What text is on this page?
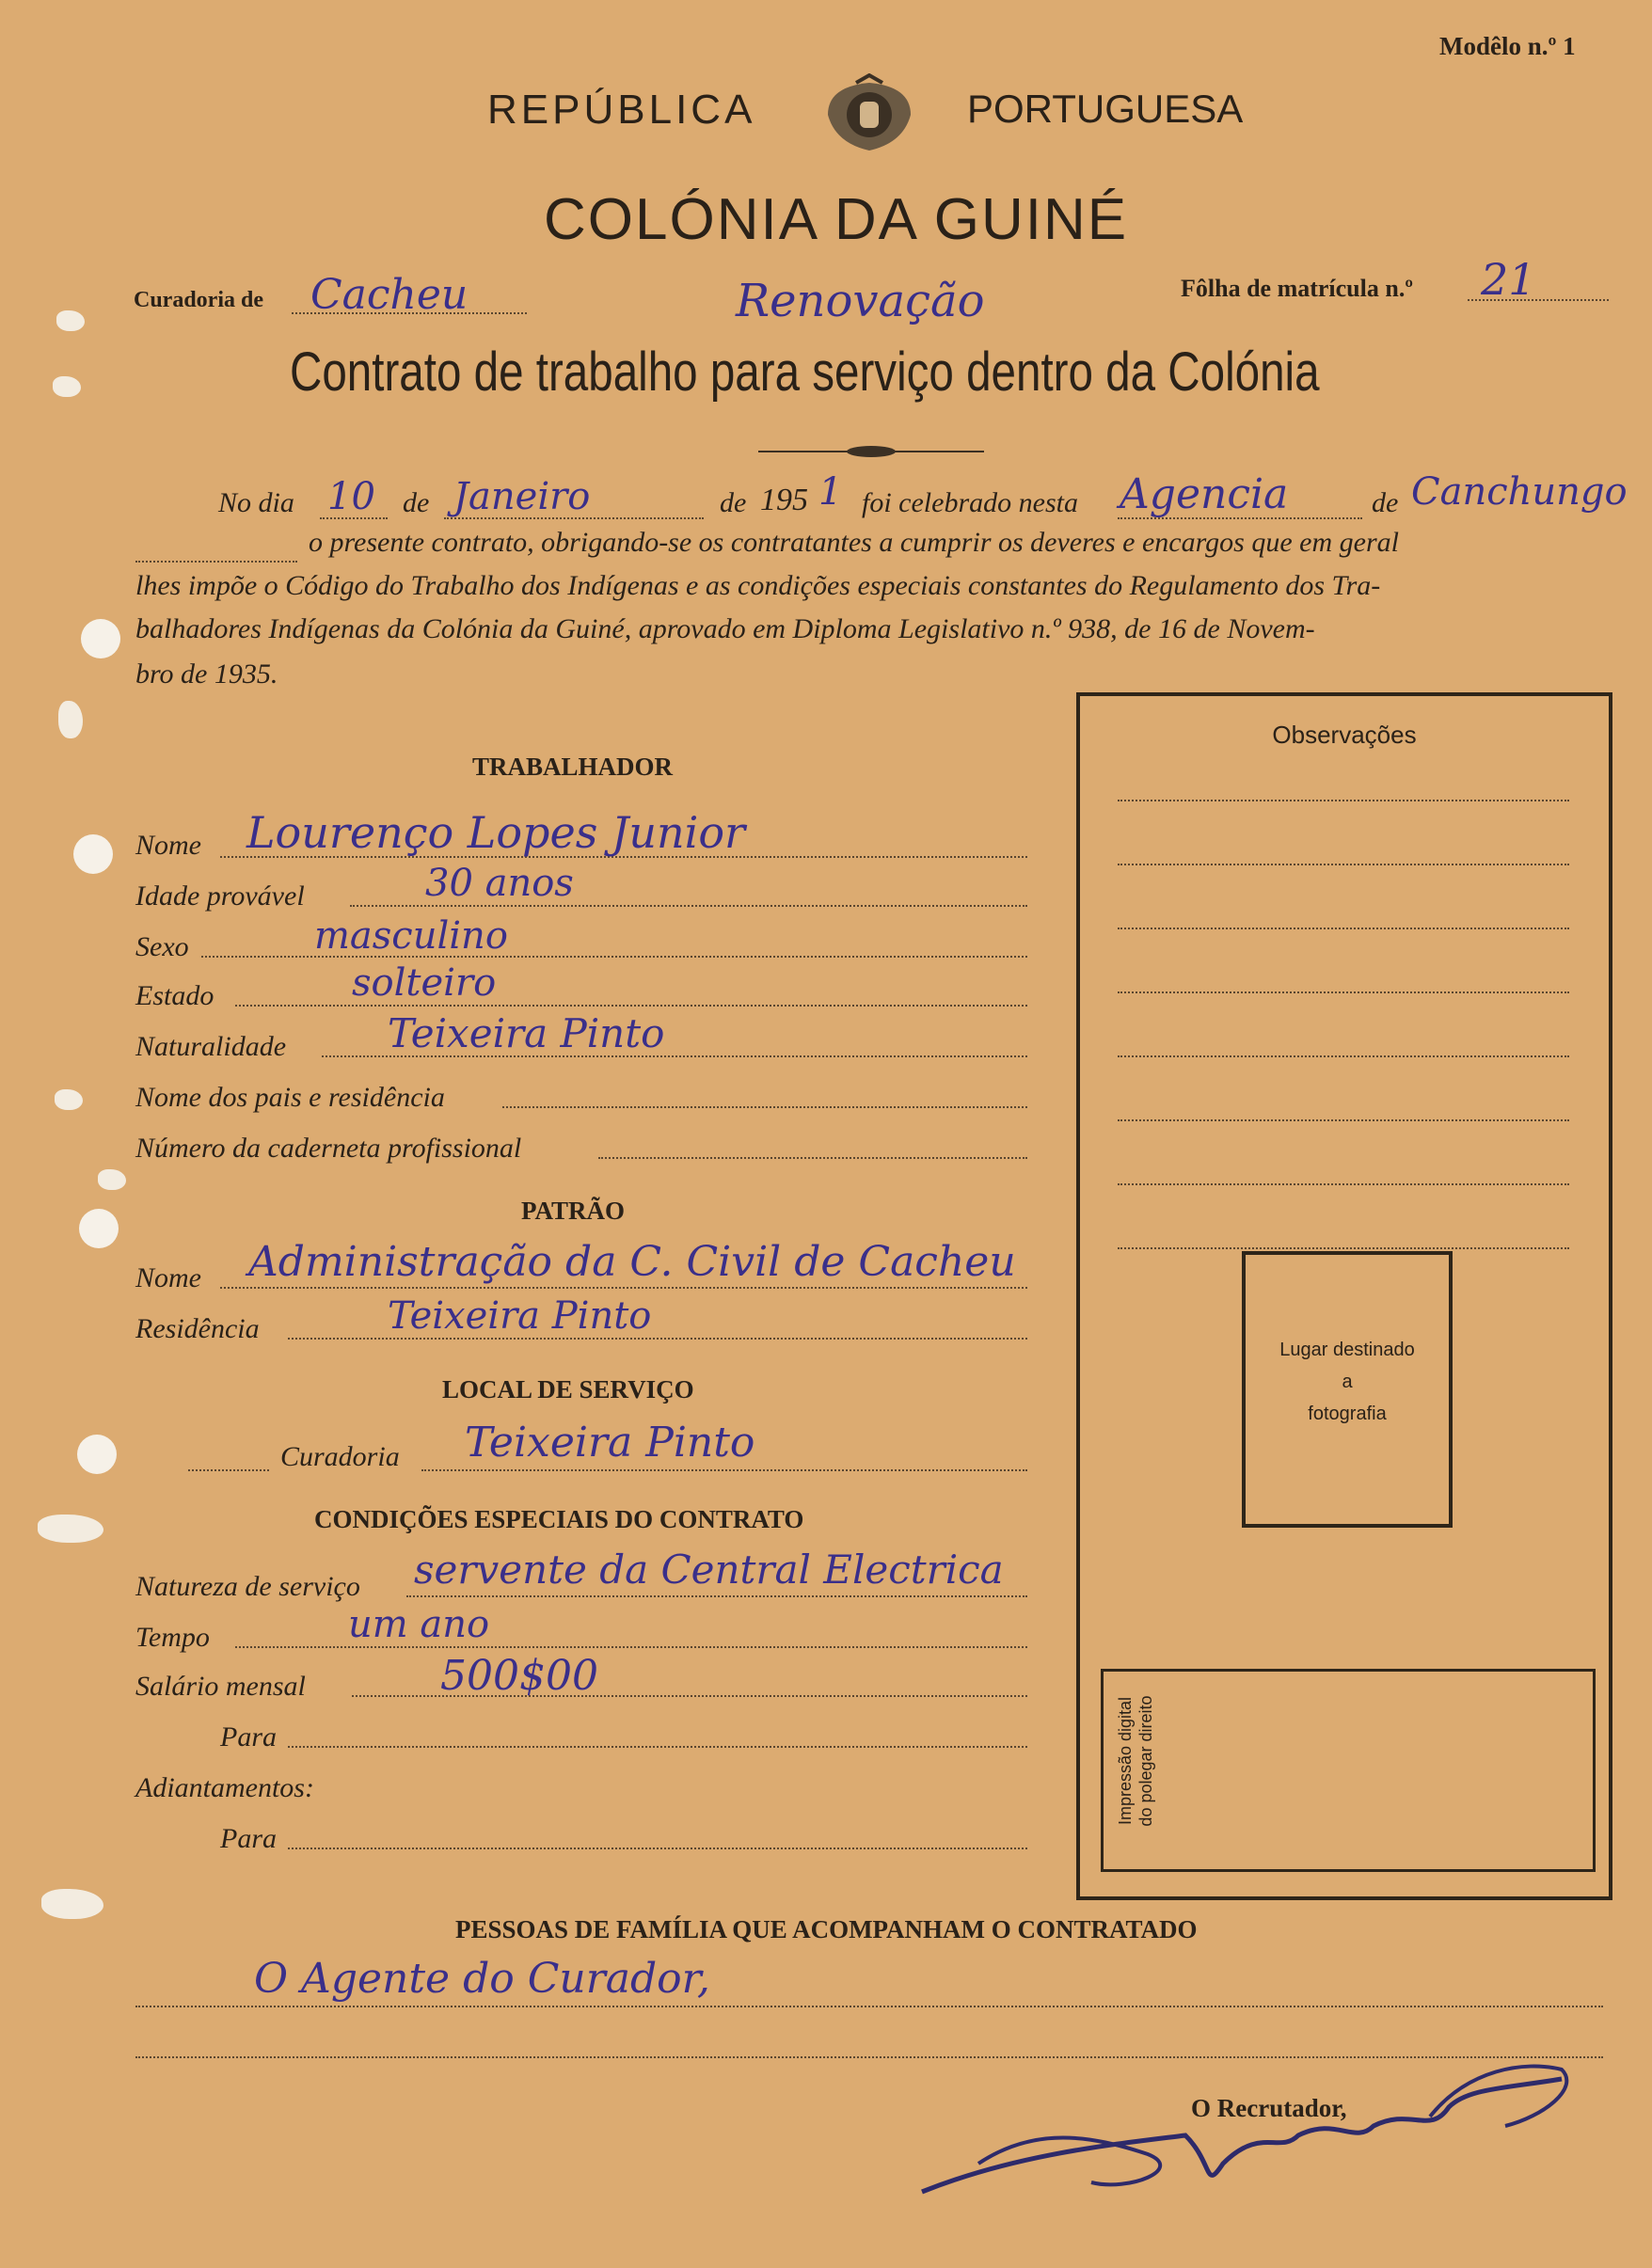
Modêlo n.º 1
REPÚBLICA	PORTUGUESA
COLÓNIA DA GUINÉ
Curadoria de Cacheu	Renovação	Fôlha de matrícula n.º 21
Contrato de trabalho para serviço dentro da Colónia
No dia 10 de Janeiro	de 195 1 foi celebrado nesta Agencia	de Canchungo
o presente contrato, obrigando-se os contratantes a cumprir os deveres e encargos que em geral
lhes impõe o Código do Trabalho dos Indígenas e as condições especiais constantes do Regulamento dos Tra-
balhadores Indígenas da Colónia da Guiné, aprovado em Diploma Legislativo n.º 938, de 16 de Novem-
bro de 1935.
Observações
Lugar destinado
a
fotografia
Impressão digital do polegar direito
TRABALHADOR
Nome Lourenço Lopes Junior
Idade provável	30 anos
Sexo	masculino
Estado	solteiro
Naturalidade	Teixeira Pinto
Nome dos pais e residência
Número da caderneta profissional
PATRÃO
Nome Administração da C. Civil de Cacheu
Residência	Teixeira Pinto
LOCAL DE SERVIÇO
Curadoria Teixeira Pinto
CONDIÇÕES ESPECIAIS DO CONTRATO
Natureza de serviço servente da Central Electrica
Tempo	um ano
Salário mensal	500$00
Para
Adiantamentos:
Para
PESSOAS DE FAMÍLIA QUE ACOMPANHAM O CONTRATADO
O Agente do Curador,
O Recrutador,
